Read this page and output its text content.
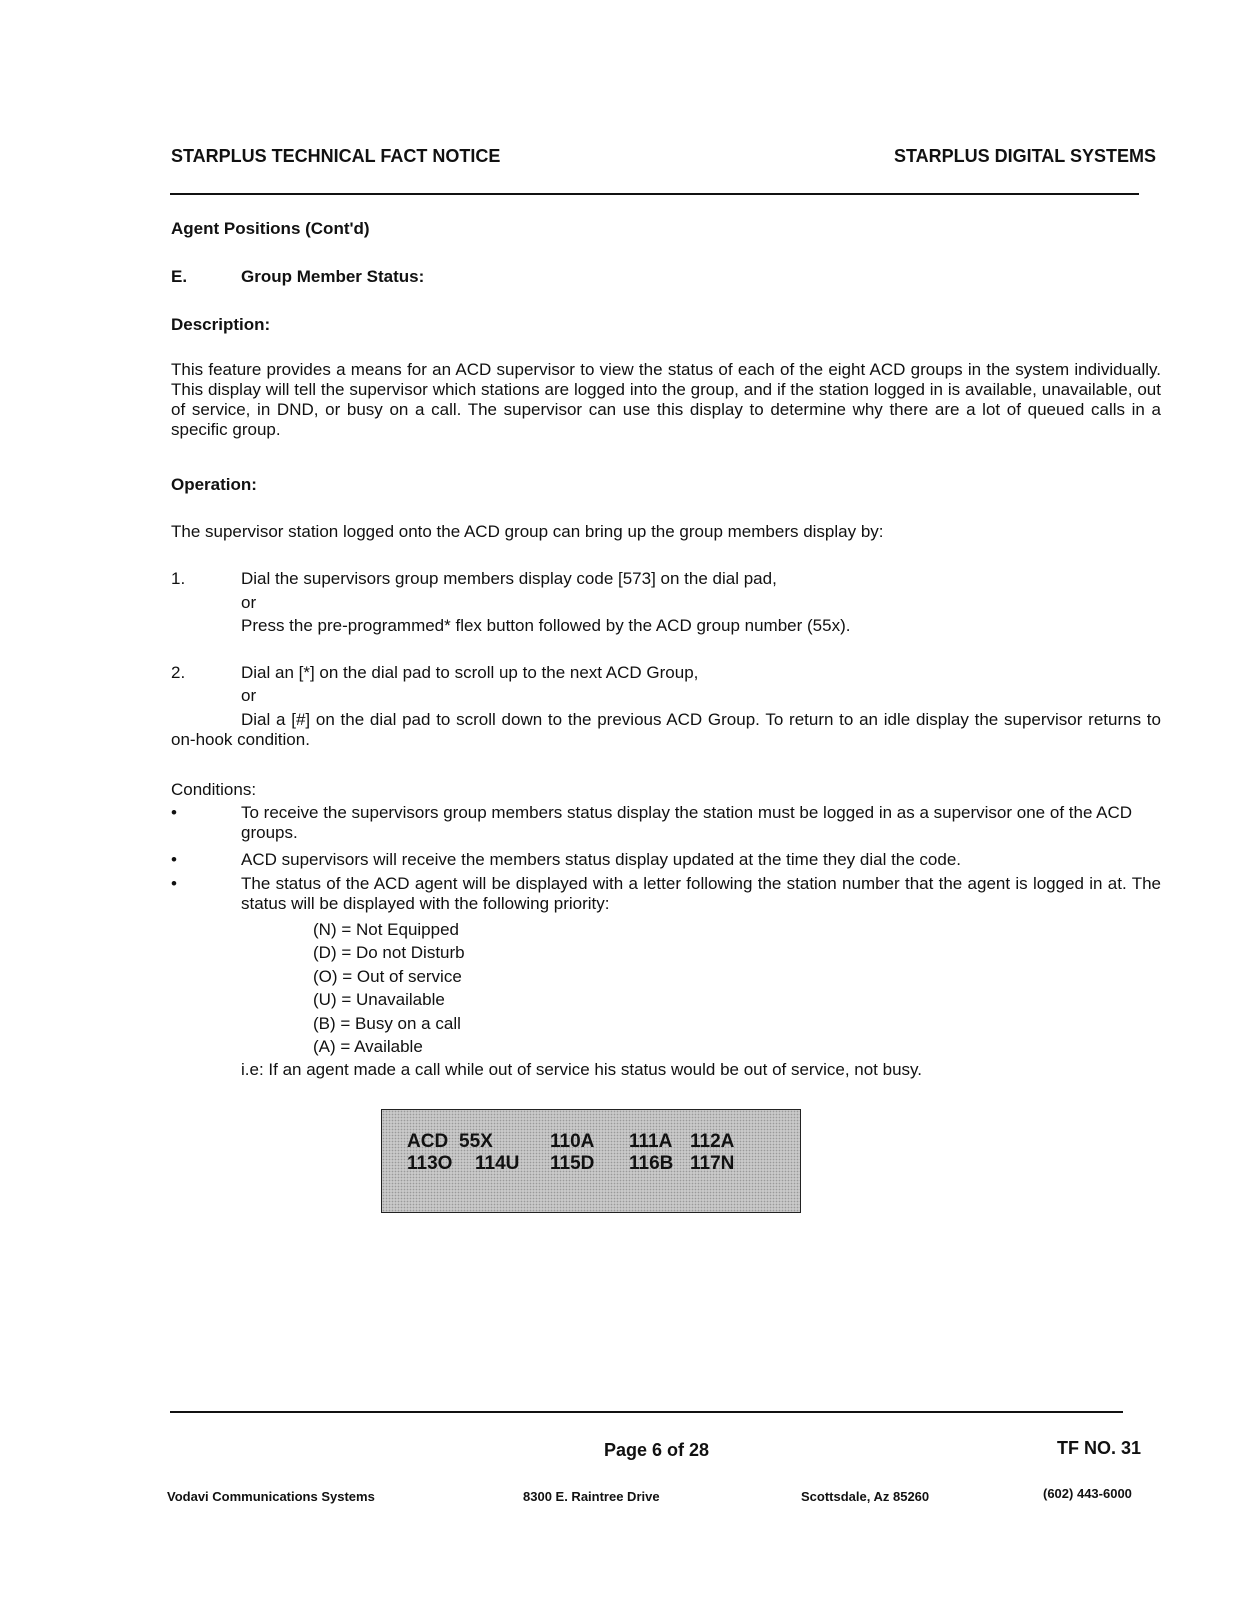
STARPLUS TECHNICAL FACT NOTICE	STARPLUS DIGITAL SYSTEMS
Agent Positions (Cont'd)
E.	Group Member Status:
Description:
This feature provides a means for an ACD supervisor to view the status of each of the eight ACD groups in the system individually. This display will tell the supervisor which stations are logged into the group, and if the station logged in is available, unavailable, out of service, in DND, or busy on a call. The supervisor can use this display to determine why there are a lot of queued calls in a specific group.
Operation:
The supervisor station logged onto the ACD group can bring up the group members display by:
1.	Dial the supervisors group members display code [573] on the dial pad,
or
Press the pre-programmed* flex button followed by the ACD group number (55x).
2.	Dial an [*] on the dial pad to scroll up to the next ACD Group,
or
Dial a [#] on the dial pad to scroll down to the previous ACD Group. To return to an idle display the supervisor returns to on-hook condition.
Conditions:
•	To receive the supervisors group members status display the station must be logged in as a supervisor one of the ACD groups.
•	ACD supervisors will receive the members status display updated at the time they dial the code.
•	The status of the ACD agent will be displayed with a letter following the station number that the agent is logged in at. The status will be displayed with the following priority:
(N) = Not Equipped
(D) = Do not Disturb
(O) = Out of service
(U) = Unavailable
(B) = Busy on a call
(A) = Available
i.e: If an agent made a call while out of service his status would be out of service, not busy.
ACD 55X	110A 111A 112A
113O 114U 115D 116B 117N
Page 6 of 28	TF NO. 31
Vodavi Communications Systems	8300 E. Raintree Drive	Scottsdale, Az 85260	(602) 443-6000
